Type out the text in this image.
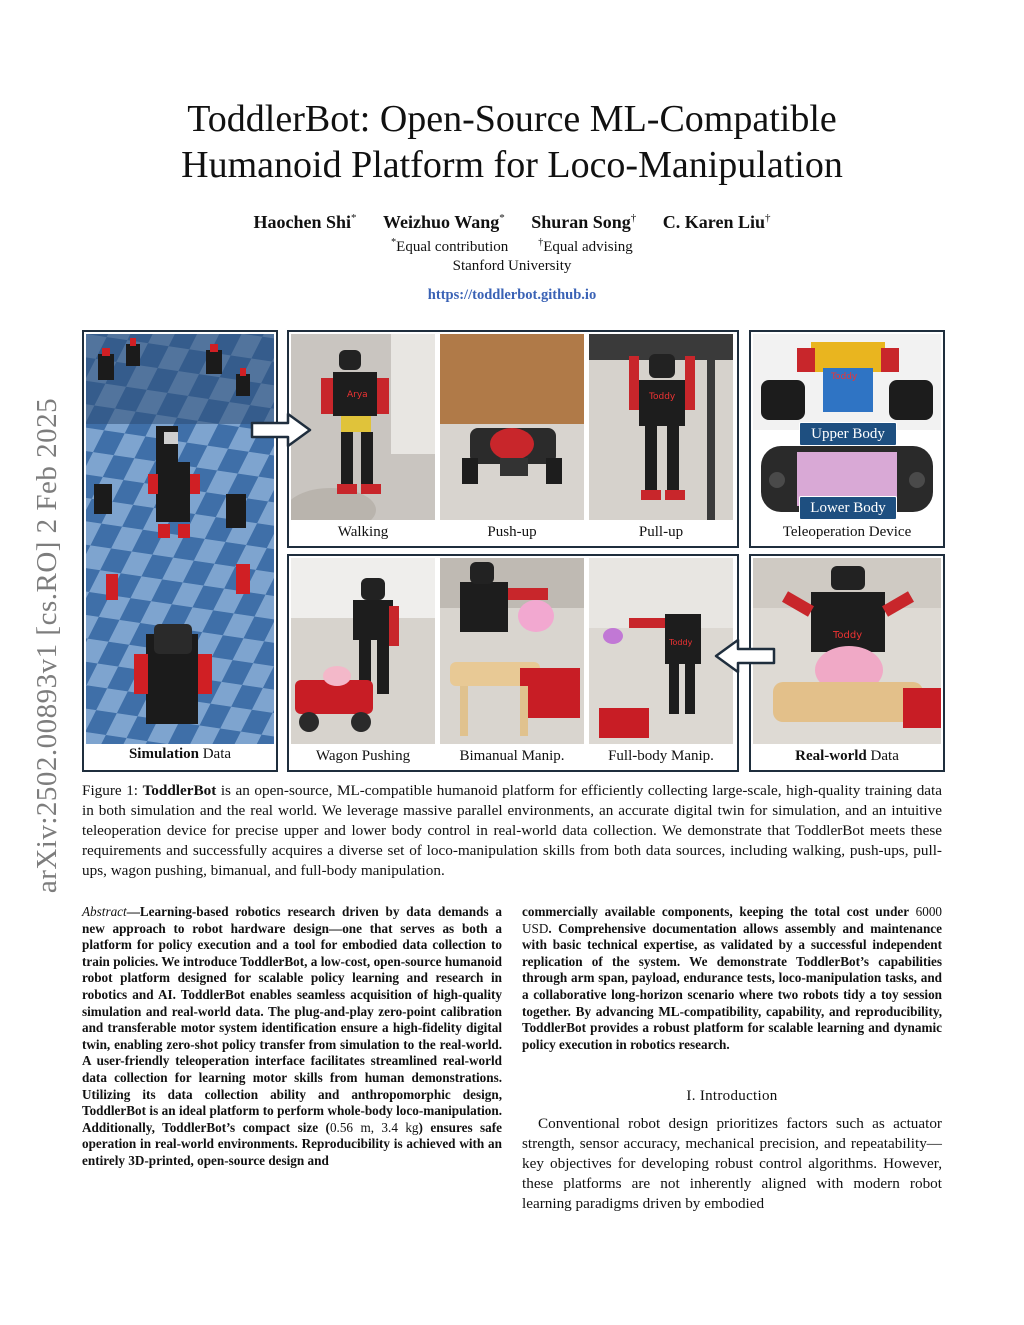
arXiv:2502.00893v1 [cs.RO] 2 Feb 2025
ToddlerBot: Open-Source ML-Compatible
Humanoid Platform for Loco-Manipulation
Haochen Shi* Weizhuo Wang* Shuran Song† C. Karen Liu†
*Equal contribution	†Equal advising
Stanford University
https://toddlerbot.github.io
Simulation Data
Arya	Toddy
Walking	Push-up	Pull-up
Upper Body
Lower Body
Toddy
Teleoperation Device
Toddy
Wagon Pushing	Bimanual Manip.	Full-body Manip.
Toddy
Real-world Data
Figure 1: ToddlerBot is an open-source, ML-compatible humanoid platform for efficiently collecting large-scale, high-quality training data in both simulation and the real world. We leverage massive parallel environments, an accurate digital twin for simulation, and an intuitive teleoperation device for precise upper and lower body control in real-world data collection. We demonstrate that ToddlerBot meets these requirements and successfully acquires a diverse set of loco-manipulation skills from both data sources, including walking, push-ups, pull-ups, wagon pushing, bimanual, and full-body manipulation.
Abstract—Learning-based robotics research driven by data demands a new approach to robot hardware design—one that serves as both a platform for policy execution and a tool for embodied data collection to train policies. We introduce ToddlerBot, a low-cost, open-source humanoid robot platform designed for scalable policy learning and research in robotics and AI. ToddlerBot enables seamless acquisition of high-quality simulation and real-world data. The plug-and-play zero-point calibration and transferable motor system identification ensure a high-fidelity digital twin, enabling zero-shot policy transfer from simulation to the real-world. A user-friendly teleoperation interface facilitates streamlined real-world data collection for learning motor skills from human demonstrations. Utilizing its data collection ability and anthropomorphic design, ToddlerBot is an ideal platform to perform whole-body loco-manipulation. Additionally, ToddlerBot’s compact size (0.56 m, 3.4 kg) ensures safe operation in real-world environments. Reproducibility is achieved with an entirely 3D-printed, open-source design and
commercially available components, keeping the total cost under 6000 USD. Comprehensive documentation allows assembly and maintenance with basic technical expertise, as validated by a successful independent replication of the system. We demonstrate ToddlerBot’s capabilities through arm span, payload, endurance tests, loco-manipulation tasks, and a collaborative long-horizon scenario where two robots tidy a toy session together. By advancing ML-compatibility, capability, and reproducibility, ToddlerBot provides a robust platform for scalable learning and dynamic policy execution in robotics research.
I. Introduction

Conventional robot design prioritizes factors such as actuator strength, sensor accuracy, mechanical precision, and repeatability—key objectives for developing robust control algorithms. However, these platforms are not inherently aligned with modern robot learning paradigms driven by embodied
